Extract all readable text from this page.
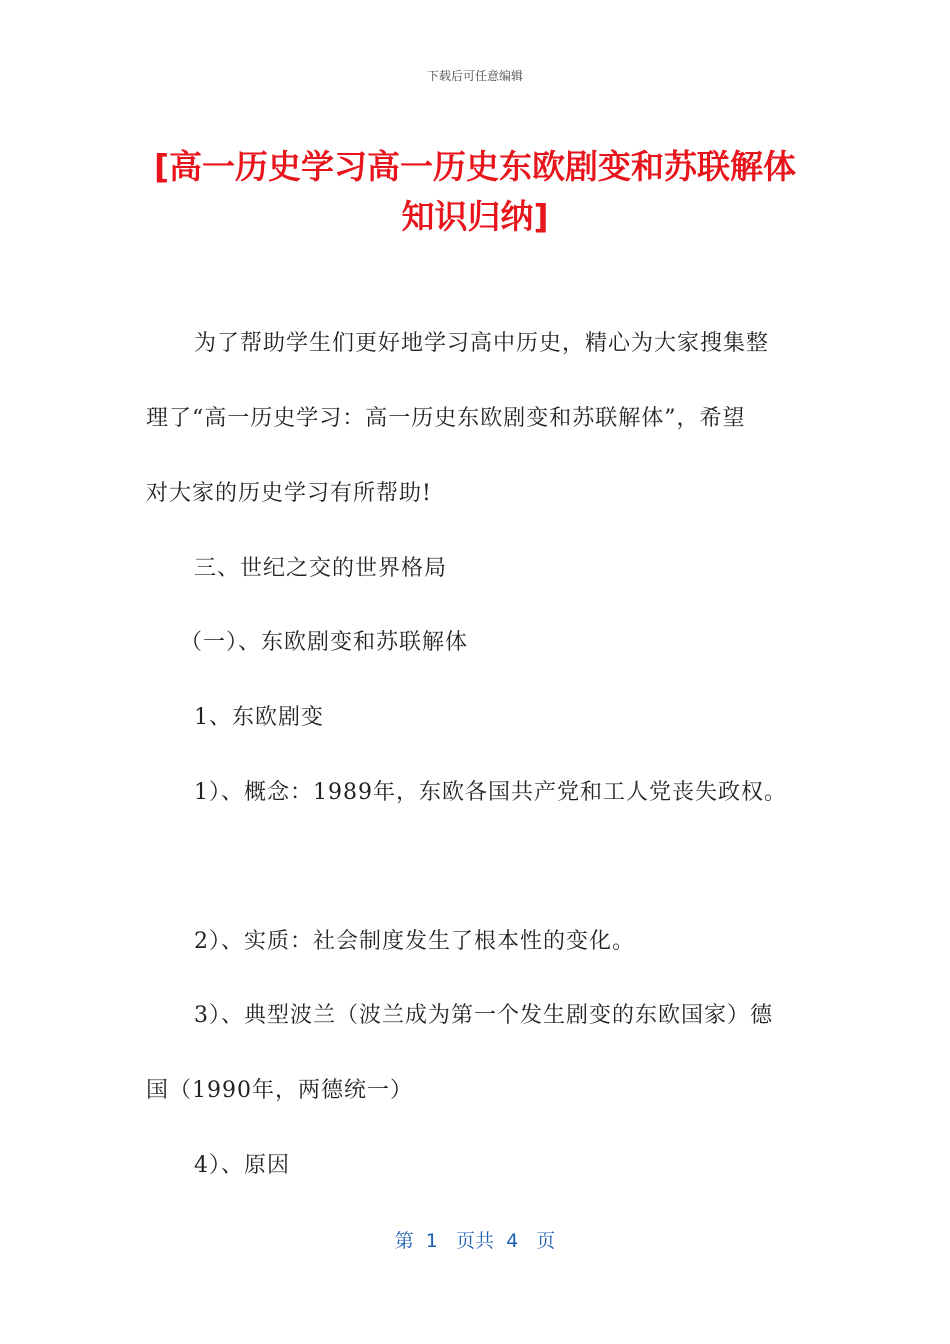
下载后可任意编辑
[高一历史学习高一历史东欧剧变和苏联解体
知识归纳]
为了帮助学生们更好地学习高中历史，精心为大家搜集整
理了“高一历史学习：高一历史东欧剧变和苏联解体”，希望
对大家的历史学习有所帮助!
三、世纪之交的世界格局
（一）、东欧剧变和苏联解体
1、东欧剧变
1）、概念：1989年，东欧各国共产党和工人党丧失政权。
2）、实质：社会制度发生了根本性的变化。
3）、典型波兰（波兰成为第一个发生剧变的东欧国家）德
国（1990年，两德统一）
4）、原因
第  1   页共  4   页
